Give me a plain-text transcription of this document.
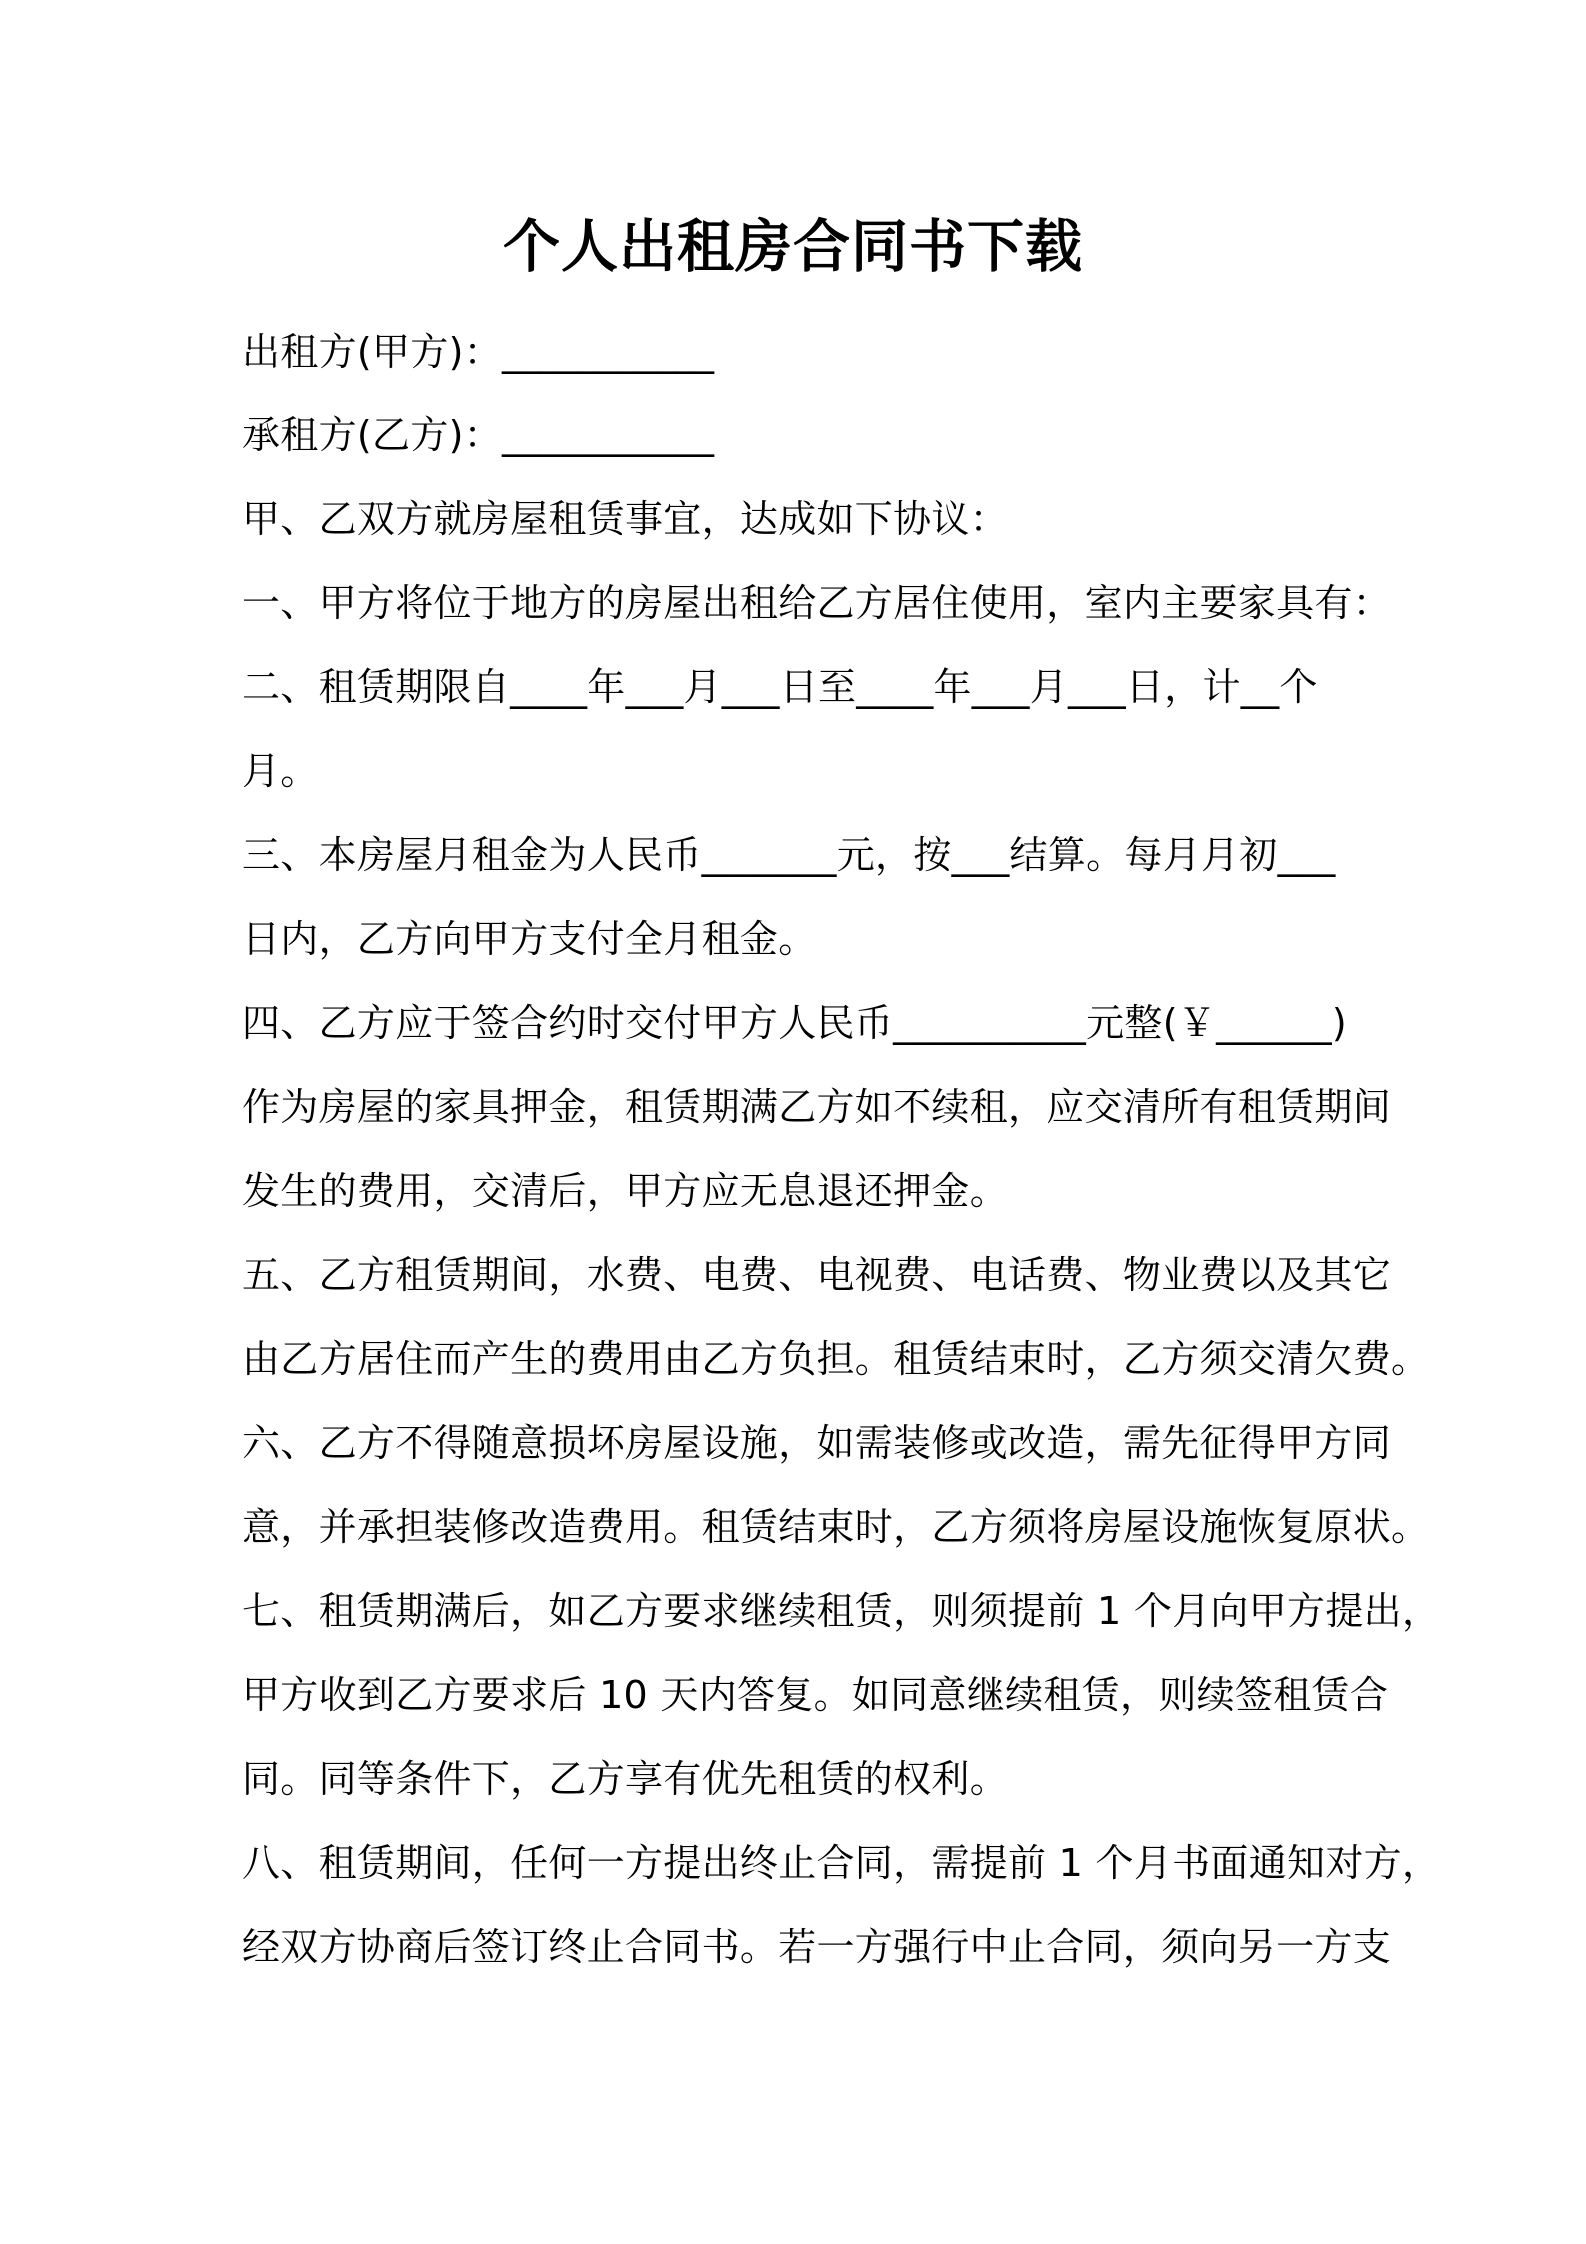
个人出租房合同书下载
出租方(甲方)：___________
承租方(乙方)：___________
甲、乙双方就房屋租赁事宜，达成如下协议：
一、甲方将位于地方的房屋出租给乙方居住使用，室内主要家具有：
二、租赁期限自____年___月___日至____年___月___日，计__个
月。
三、本房屋月租金为人民币_______元，按___结算。每月月初___
日内，乙方向甲方支付全月租金。
四、乙方应于签合约时交付甲方人民币__________元整(￥______)
作为房屋的家具押金，租赁期满乙方如不续租，应交清所有租赁期间
发生的费用，交清后，甲方应无息退还押金。
五、乙方租赁期间，水费、电费、电视费、电话费、物业费以及其它
由乙方居住而产生的费用由乙方负担。租赁结束时，乙方须交清欠费。
六、乙方不得随意损坏房屋设施，如需装修或改造，需先征得甲方同
意，并承担装修改造费用。租赁结束时，乙方须将房屋设施恢复原状。
七、租赁期满后，如乙方要求继续租赁，则须提前 1 个月向甲方提出，
甲方收到乙方要求后 10 天内答复。如同意继续租赁，则续签租赁合
同。同等条件下，乙方享有优先租赁的权利。
八、租赁期间，任何一方提出终止合同，需提前 1 个月书面通知对方，
经双方协商后签订终止合同书。若一方强行中止合同，须向另一方支
